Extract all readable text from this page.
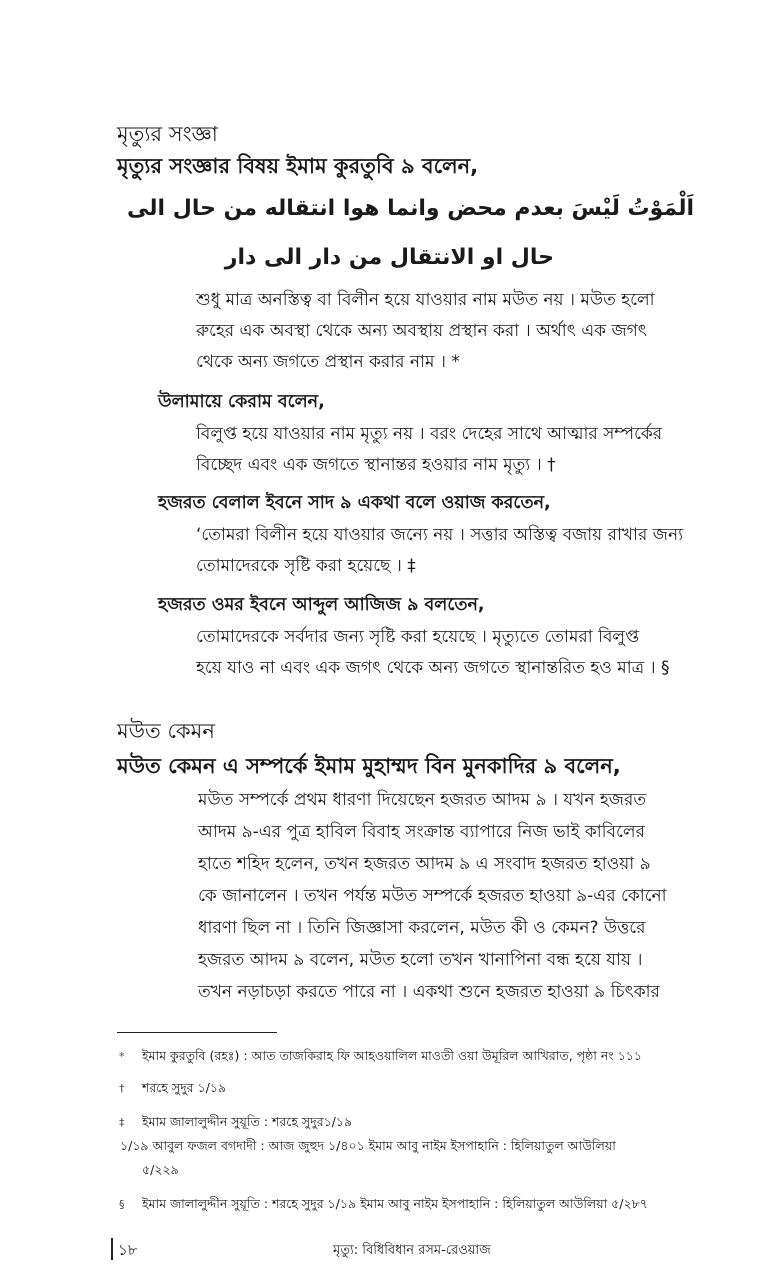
মৃত্যুর সংজ্ঞা
মৃত্যুর সংজ্ঞার বিষয় ইমাম কুরতুবি ৯ বলেন,
اَلْمَوْتُ لَيْسَ بعدم محض وانما هوا انتقاله من حال الى
حال او الانتقال من دار الى دار
শুধু মাত্র অনস্তিত্ব বা বিলীন হয়ে যাওয়ার নাম মউত নয় । মউত হলো
রুহের এক অবস্থা থেকে অন্য অবস্থায় প্রস্থান করা । অর্থাৎ এক জগৎ
থেকে অন্য জগতে প্রস্থান করার নাম । *
উলামায়ে কেরাম বলেন,
বিলুপ্ত হয়ে যাওয়ার নাম মৃত্যু নয় । বরং দেহের সাথে আত্মার সম্পর্কের
বিচ্ছেদ এবং এক জগতে স্থানান্তর হওয়ার নাম মৃত্যু । †
হজরত বেলাল ইবনে সাদ ৯ একথা বলে ওয়াজ করতেন,
‘তোমরা বিলীন হয়ে যাওয়ার জন্যে নয় । সত্তার অস্তিত্ব বজায় রাখার জন্য
তোমাদেরকে সৃষ্টি করা হয়েছে । ‡
হজরত ওমর ইবনে আব্দুল আজিজ ৯ বলতেন,
তোমাদেরকে সর্বদার জন্য সৃষ্টি করা হয়েছে । মৃত্যুতে তোমরা বিলুপ্ত
হয়ে যাও না এবং এক জগৎ থেকে অন্য জগতে স্থানান্তরিত হও মাত্র । §
মউত কেমন
মউত কেমন এ সম্পর্কে ইমাম মুহাম্মদ বিন মুনকাদির ৯ বলেন,
মউত সম্পর্কে প্রথম ধারণা দিয়েছেন হজরত আদম ৯ । যখন হজরত
আদম ৯-এর পুত্র হাবিল বিবাহ সংক্রান্ত ব্যাপারে নিজ ভাই কাবিলের
হাতে শহিদ হলেন, তখন হজরত আদম ৯ এ সংবাদ হজরত হাওয়া ৯
কে জানালেন । তখন পর্যন্ত মউত সম্পর্কে হজরত হাওয়া ৯-এর কোনো
ধারণা ছিল না । তিনি জিজ্ঞাসা করলেন, মউত কী ও কেমন? উত্তরে
হজরত আদম ৯ বলেন, মউত হলো তখন খানাপিনা বন্ধ হয়ে যায় ।
তখন নড়াচড়া করতে পারে না । একথা শুনে হজরত হাওয়া ৯ চিৎকার
* ইমাম কুরতুবি (রহঃ) : আত তাজকিরাহ ফি আহওয়ালিল মাওতী ওয়া উমূরিল আখিরাত, পৃষ্ঠা নং ১১১
† শরহে সুদুর ১/১৯
‡ ইমাম জালালুদ্দীন সুয়ূতি : শরহে সুদুর১/১৯
১/১৯ আবুল ফজল বগদাদী : আজ জুহুদ ১/৪০১ ইমাম আবু নাইম ইসপাহানি : হিলিয়াতুল আউলিয়া
৫/২২৯
§ ইমাম জালালুদ্দীন সুয়ূতি : শরহে সুদুর ১/১৯ ইমাম আবু নাইম ইসপাহানি : হিলিয়াতুল আউলিয়া ৫/২৮৭
১৮	মৃত্যু: বিধিবিধান রসম-রেওয়াজ
